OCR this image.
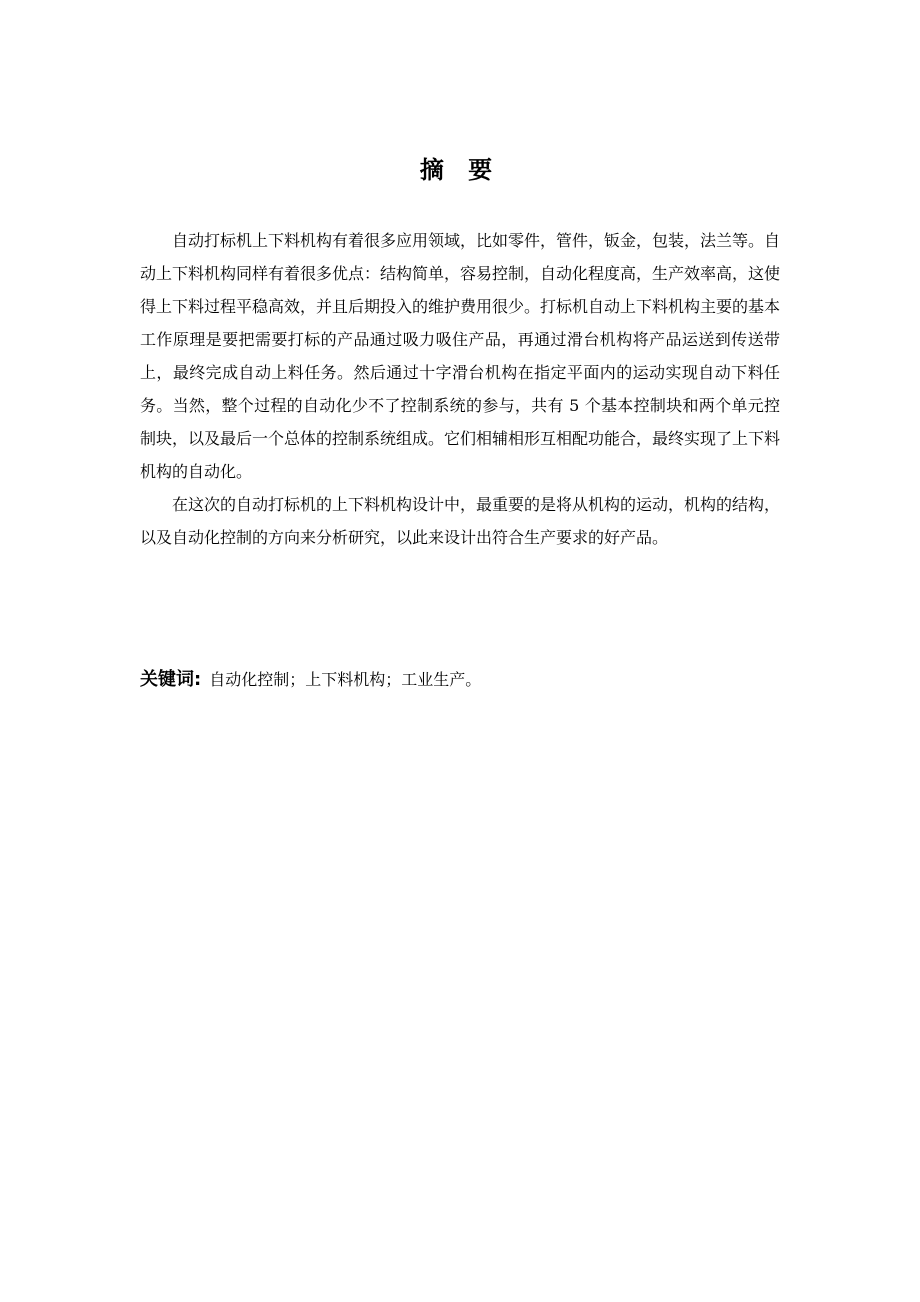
摘 要

自动打标机上下料机构有着很多应用领域，比如零件，管件，钣金，包装，法兰等。自动上下料机构同样有着很多优点：结构简单，容易控制，自动化程度高，生产效率高，这使得上下料过程平稳高效，并且后期投入的维护费用很少。打标机自动上下料机构主要的基本工作原理是要把需要打标的产品通过吸力吸住产品，再通过滑台机构将产品运送到传送带上，最终完成自动上料任务。然后通过十字滑台机构在指定平面内的运动实现自动下料任务。当然，整个过程的自动化少不了控制系统的参与，共有 5 个基本控制块和两个单元控制块，以及最后一个总体的控制系统组成。它们相辅相形互相配功能合，最终实现了上下料机构的自动化。

在这次的自动打标机的上下料机构设计中，最重要的是将从机构的运动，机构的结构，以及自动化控制的方向来分析研究，以此来设计出符合生产要求的好产品。

关键词: 自动化控制；上下料机构；工业生产。
